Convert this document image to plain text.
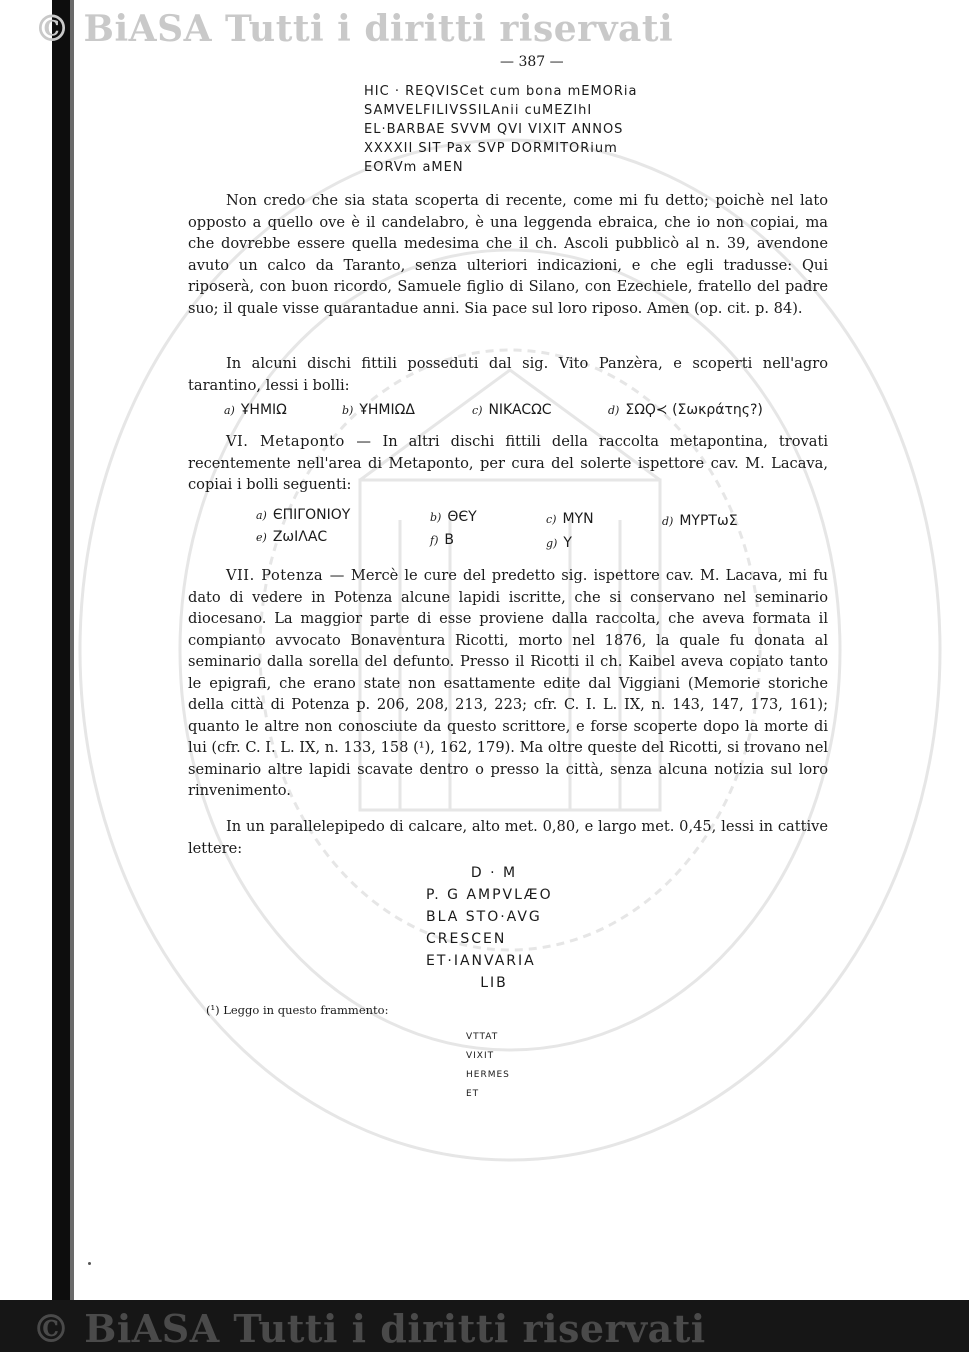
© BiASA Tutti i diritti riservati
© BiASA Tutti i diritti riservati
— 387 —
HIC · REQVISCet cum bona mEMORia
SAMVELFILIVSSILAnii cuMEZIhI
EL·BARBAE SVVM QVI VIXIT ANNOS
XXXXII SIT Pax SVP DORMITORium
EORVm aMEN

Non credo che sia stata scoperta di recente, come mi fu detto; poichè nel lato opposto a quello ove è il candelabro, è una leggenda ebraica, che io non copiai, ma che dovrebbe essere quella medesima che il ch. Ascoli pubblicò al n. 39, avendone avuto un calco da Taranto, senza ulteriori indicazioni, e che egli tradusse: Qui riposerà, con buon ricordo, Samuele figlio di Silano, con Ezechiele, fratello del padre suo; il quale visse quarantadue anni. Sia pace sul loro riposo. Amen (op. cit. p. 84).

In alcuni dischi fittili posseduti dal sig. Vito Panzèra, e scoperti nell'agro tarantino, lessi i bolli:

a) ҰHMIΩ	b) ҰHMIΩΔ	c) NIKACΩC	d) ΣΩϘ≺ (Σωκράτης?)

VI. Metaponto — In altri dischi fittili della raccolta metapontina, trovati recentemente nell'area di Metaponto, per cura del solerte ispettore cav. M. Lacava, copiai i bolli seguenti:

a) ЄΠΙΓΟΝΙΟΥ	b) ΘЄΥ	c) MYN	d) MYPTωΣ
e) ZωΙΛΑC	f) B	g) Y

VII. Potenza — Mercè le cure del predetto sig. ispettore cav. M. Lacava, mi fu dato di vedere in Potenza alcune lapidi iscritte, che si conservano nel seminario diocesano. La maggior parte di esse proviene dalla raccolta, che aveva formata il compianto avvocato Bonaventura Ricotti, morto nel 1876, la quale fu donata al seminario dalla sorella del defunto. Presso il Ricotti il ch. Kaibel aveva copiato tanto le epigrafi, che erano state non esattamente edite dal Viggiani (Memorie storiche della città di Potenza p. 206, 208, 213, 223; cfr. C. I. L. IX, n. 143, 147, 173, 161); quanto le altre non conosciute da questo scrittore, e forse scoperte dopo la morte di lui (cfr. C. I. L. IX, n. 133, 158 (¹), 162, 179). Ma oltre queste del Ricotti, si trovano nel seminario altre lapidi scavate dentro o presso la città, senza alcuna notizia sul loro rinvenimento.

In un parallelepipedo di calcare, alto met. 0,80, e largo met. 0,45, lessi in cattive lettere:

D · M
P. G AMPVLÆO
BLA STO·AVG
CRESCEN
ET·IANVARIA
LIB
(¹) Leggo in questo frammento:
VTTAT
VIXIT
HERMES
ET
